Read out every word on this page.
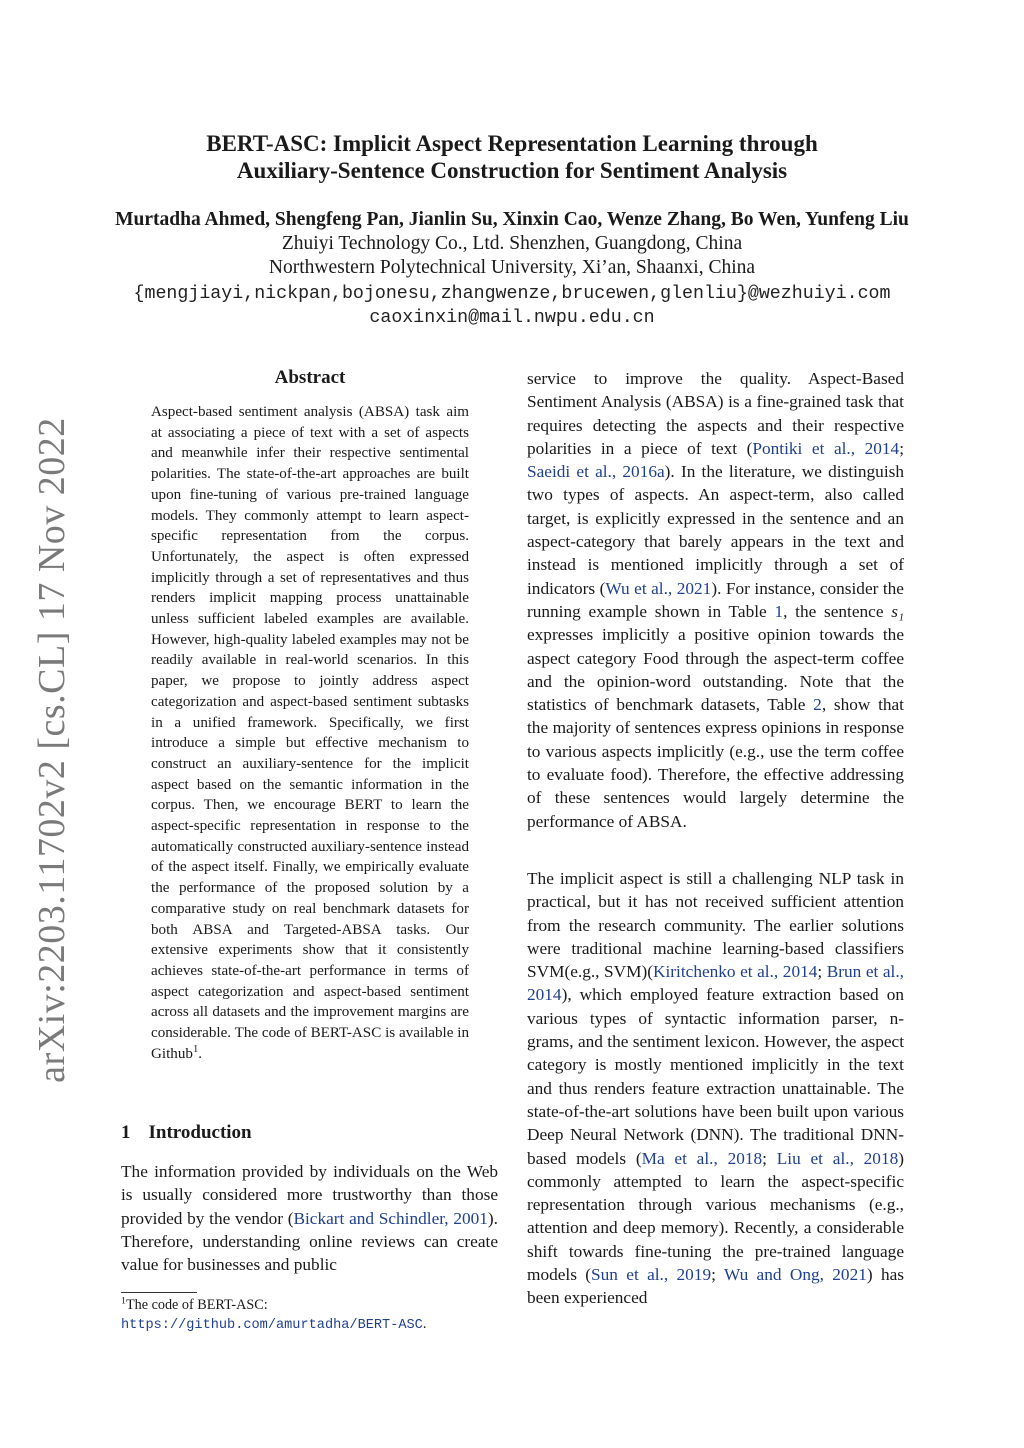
BERT-ASC: Implicit Aspect Representation Learning through
Auxiliary-Sentence Construction for Sentiment Analysis
Murtadha Ahmed, Shengfeng Pan, Jianlin Su, Xinxin Cao, Wenze Zhang, Bo Wen, Yunfeng Liu
Zhuiyi Technology Co., Ltd. Shenzhen, Guangdong, China
Northwestern Polytechnical University, Xi’an, Shaanxi, China
{mengjiayi,nickpan,bojonesu,zhangwenze,brucewen,glenliu}@wezhuiyi.com
caoxinxin@mail.nwpu.edu.cn
arXiv:2203.11702v2 [cs.CL] 17 Nov 2022
Abstract
Aspect-based sentiment analysis (ABSA) task aim at associating a piece of text with a set of aspects and meanwhile infer their respective sentimental polarities. The state-of-the-art approaches are built upon fine-tuning of various pre-trained language models. They commonly attempt to learn aspect-specific representation from the corpus. Unfortunately, the aspect is often expressed implicitly through a set of representatives and thus renders implicit mapping process unattainable unless sufficient labeled examples are available. However, high-quality labeled examples may not be readily available in real-world scenarios. In this paper, we propose to jointly address aspect categorization and aspect-based sentiment subtasks in a unified framework. Specifically, we first introduce a simple but effective mechanism to construct an auxiliary-sentence for the implicit aspect based on the semantic information in the corpus. Then, we encourage BERT to learn the aspect-specific representation in response to the automatically constructed auxiliary-sentence instead of the aspect itself. Finally, we empirically evaluate the performance of the proposed solution by a comparative study on real benchmark datasets for both ABSA and Targeted-ABSA tasks. Our extensive experiments show that it consistently achieves state-of-the-art performance in terms of aspect categorization and aspect-based sentiment across all datasets and the improvement margins are considerable. The code of BERT-ASC is available in Github$^1$.
1 Introduction

The information provided by individuals on the Web is usually considered more trustworthy than those provided by the vendor (Bickart and Schindler, 2001). Therefore, understanding online reviews can create value for businesses and public

$^1$The code of BERT-ASC: https://github.com/amurtadha/BERT-ASC.

service to improve the quality. Aspect-Based Sentiment Analysis (ABSA) is a fine-grained task that requires detecting the aspects and their respective polarities in a piece of text (Pontiki et al., 2014; Saeidi et al., 2016a). In the literature, we distinguish two types of aspects. An aspect-term, also called target, is explicitly expressed in the sentence and an aspect-category that barely appears in the text and instead is mentioned implicitly through a set of indicators (Wu et al., 2021). For instance, consider the running example shown in Table 1, the sentence s₁ expresses implicitly a positive opinion towards the aspect category Food through the aspect-term coffee and the opinion-word outstanding. Note that the statistics of benchmark datasets, Table 2, show that the majority of sentences express opinions in response to various aspects implicitly (e.g., use the term coffee to evaluate food). Therefore, the effective addressing of these sentences would largely determine the performance of ABSA.

The implicit aspect is still a challenging NLP task in practical, but it has not received sufficient attention from the research community. The earlier solutions were traditional machine learning-based classifiers SVM(e.g., SVM)(Kiritchenko et al., 2014; Brun et al., 2014), which employed feature extraction based on various types of syntactic information parser, n-grams, and the sentiment lexicon. However, the aspect category is mostly mentioned implicitly in the text and thus renders feature extraction unattainable. The state-of-the-art solutions have been built upon various Deep Neural Network (DNN). The traditional DNN-based models (Ma et al., 2018; Liu et al., 2018) commonly attempted to learn the aspect-specific representation through various mechanisms (e.g., attention and deep memory). Recently, a considerable shift towards fine-tuning the pre-trained language models (Sun et al., 2019; Wu and Ong, 2021) has been experienced
